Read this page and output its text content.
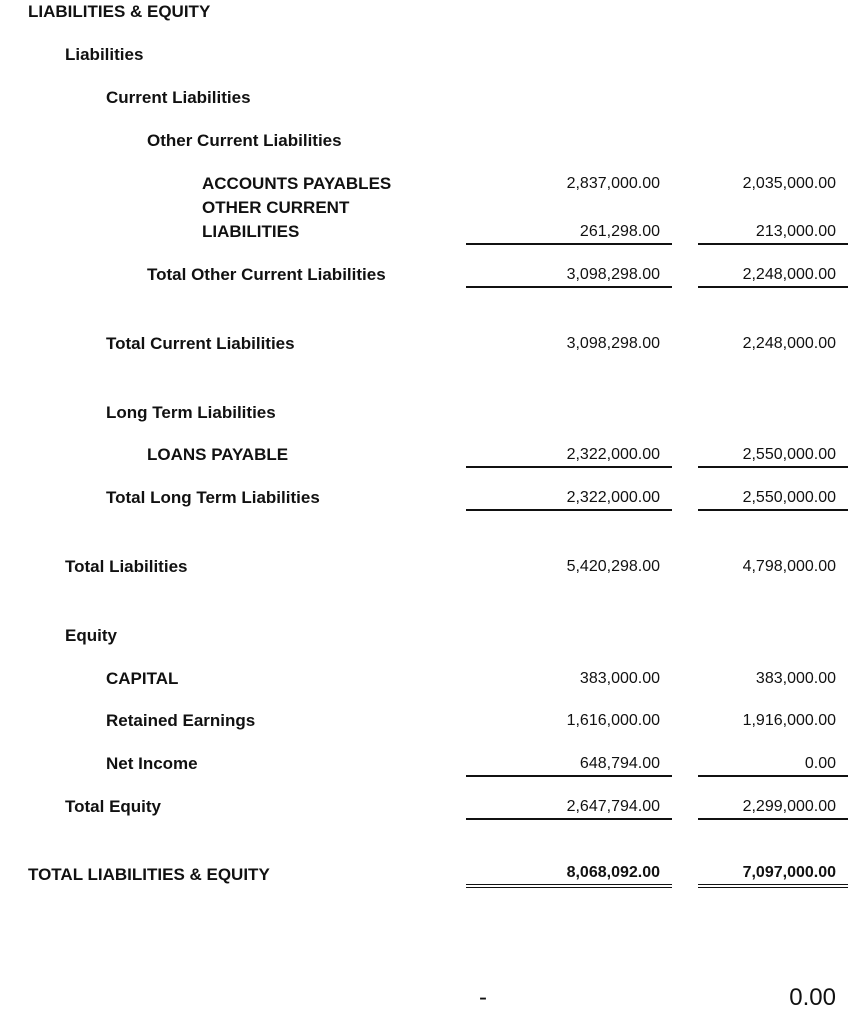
LIABILITIES & EQUITY
Liabilities
Current Liabilities
Other Current Liabilities
ACCOUNTS PAYABLES	2,837,000.00	2,035,000.00
OTHER CURRENT
LIABILITIES	261,298.00	213,000.00
Total Other Current Liabilities	3,098,298.00	2,248,000.00
Total Current Liabilities	3,098,298.00	2,248,000.00
Long Term Liabilities
LOANS PAYABLE	2,322,000.00	2,550,000.00
Total Long Term Liabilities	2,322,000.00	2,550,000.00
Total Liabilities	5,420,298.00	4,798,000.00
Equity
CAPITAL	383,000.00	383,000.00
Retained Earnings	1,616,000.00	1,916,000.00
Net Income	648,794.00	0.00
Total Equity	2,647,794.00	2,299,000.00
TOTAL LIABILITIES & EQUITY	8,068,092.00	7,097,000.00
-	0.00
